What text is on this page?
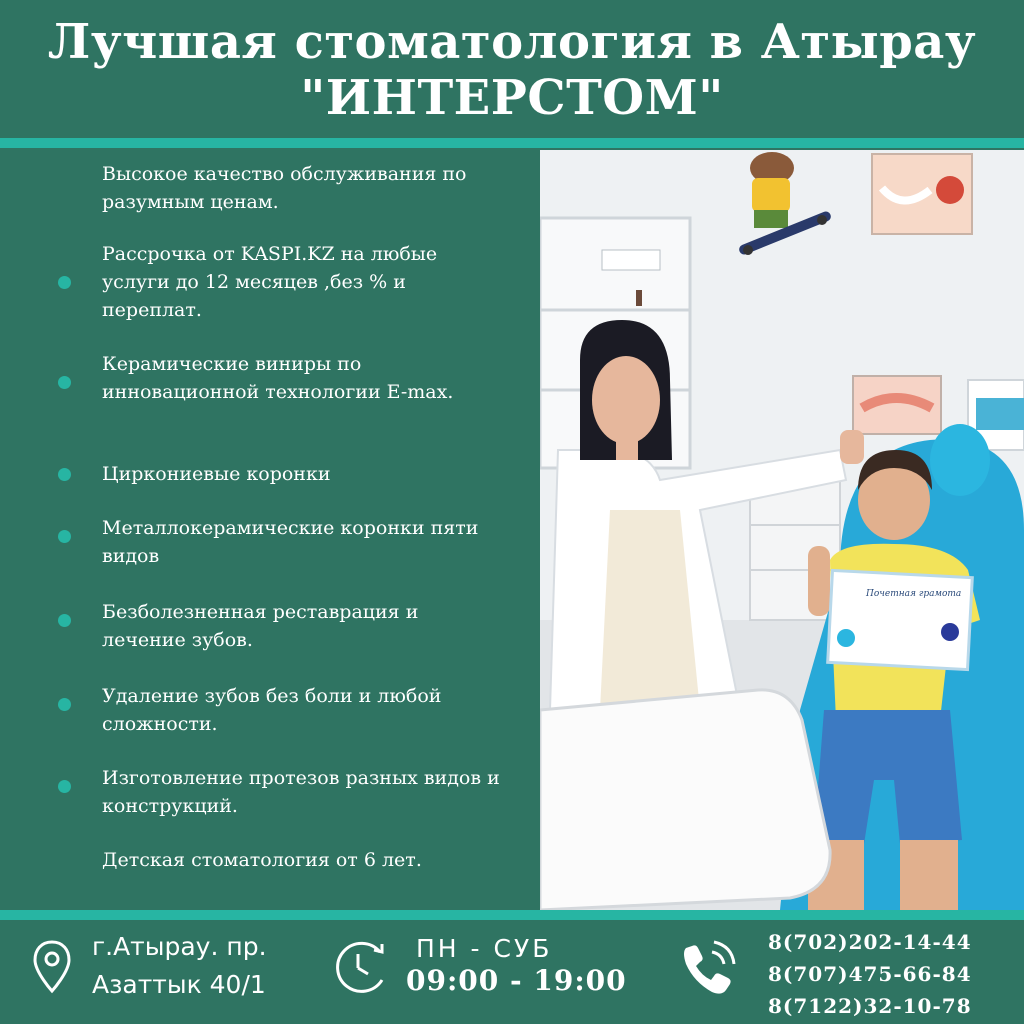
Лучшая стоматология в Атырау
"ИНТЕРСТОМ"
Высокое качество обслуживания по разумным ценам.
Рассрочка от KASPI.KZ на любые услуги до 12 месяцев ,без % и переплат.
Керамические виниры по инновационной технологии E-max.
Циркониевые коронки
Металлокерамические коронки пяти видов
Безболезненная реставрация и лечение зубов.
Удаление зубов без боли и любой сложности.
Изготовление протезов разных видов и конструкций.
Детская стоматология от 6 лет.
Почетная грамота
г.Атырау. пр.
Азаттык 40/1
ПН - СУБ
09:00 - 19:00
8(702)202-14-44
8(707)475-66-84
8(7122)32-10-78
